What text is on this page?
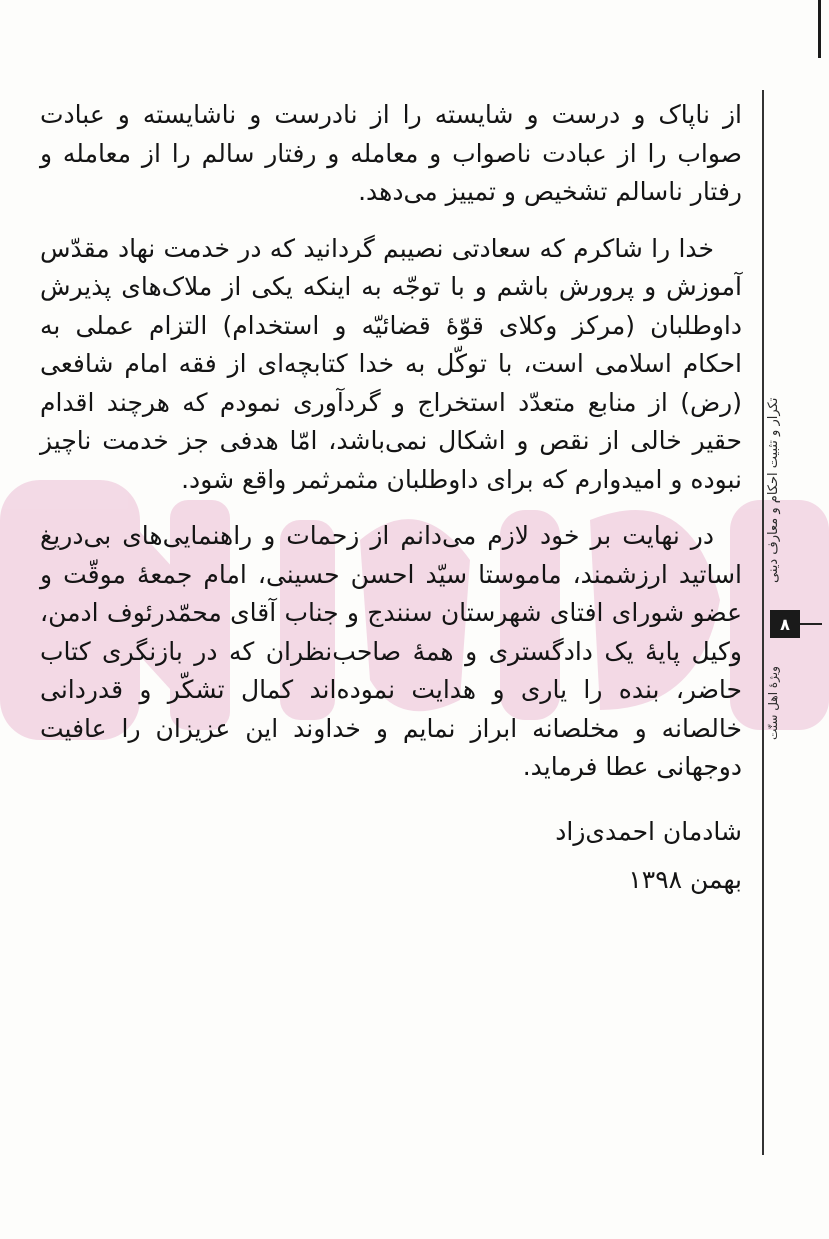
از ناپاک و درست و شایسته را از نادرست و ناشایسته و عبادت صواب را از عبادت ناصواب و معامله و رفتار سالم را از معامله و رفتار ناسالم تشخیص و تمییز می‌دهد.

خدا را شاکرم که سعادتی نصیبم گردانید که در خدمت نهاد مقدّس آموزش و پرورش باشم و با توجّه به اینکه یکی از ملاک‌های پذیرش داوطلبان (مرکز وکلای قوّهٔ قضائیّه و استخدام) التزام عملی به احکام اسلامی است، با توکّل به خدا کتابچه‌ای از فقه امام شافعی (رض) از منابع متعدّد استخراج و گردآوری نمودم که هرچند اقدام حقیر خالی از نقص و اشکال نمی‌باشد، امّا هدفی جز خدمت ناچیز نبوده و امیدوارم که برای داوطلبان مثمرثمر واقع شود.

در نهایت بر خود لازم می‌دانم از زحمات و راهنمایی‌های بی‌دریغ اساتید ارزشمند، ماموستا سیّد احسن حسینی، امام جمعهٔ موقّت و عضو شورای افتای شهرستان سنندج و جناب آقای محمّدرئوف ادمن، وکیل پایهٔ یک دادگستری و همهٔ صاحب‌نظران که در بازنگری کتاب حاضر، بنده را یاری و هدایت نموده‌اند کمال تشکّر و قدردانی خالصانه و مخلصانه ابراز نمایم و خداوند این عزیزان را عافیت دوجهانی عطا فرماید.

شادمان احمدی‌زاد

بهمن ۱۳۹۸

تکرار و تثبیت احکام و معارف دینی
۸
ویژهٔ اهل سنّت
